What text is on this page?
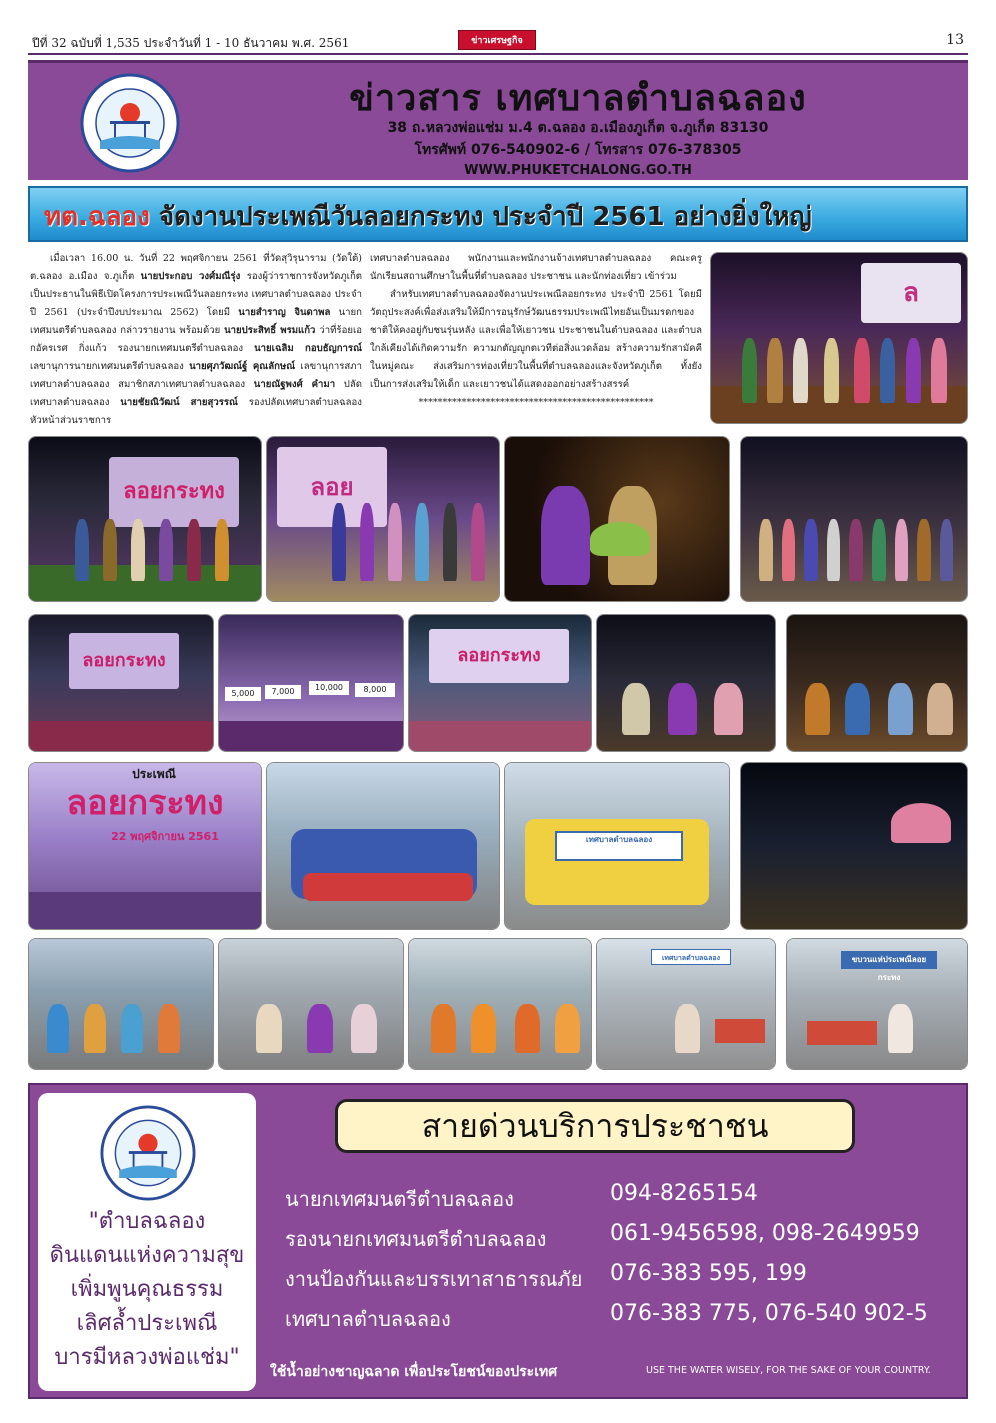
ปีที่ 32 ฉบับที่ 1,535 ประจำวันที่ 1 - 10 ธันวาคม พ.ศ. 2561	ข่าวเศรษฐกิจ	13
ข่าวสาร เทศบาลตำบลฉลอง
38 ถ.หลวงพ่อแช่ม ม.4 ต.ฉลอง อ.เมืองภูเก็ต จ.ภูเก็ต 83130
โทรศัพท์ 076-540902-6 / โทรสาร 076-378305
WWW.PHUKETCHALONG.GO.TH
ทต.ฉลอง จัดงานประเพณีวันลอยกระทง ประจำปี 2561 อย่างยิ่งใหญ่

เมื่อเวลา 16.00 น. วันที่ 22 พฤศจิกายน 2561 ที่วัดสุวิรุนาราม (วัดใต้) ต.ฉลอง อ.เมือง จ.ภูเก็ต นายประกอบ วงศ์มณีรุ่ง รองผู้ว่าราชการจังหวัดภูเก็ต เป็นประธานในพิธีเปิดโครงการประเพณีวันลอยกระทง เทศบาลตำบลฉลอง ประจำปี 2561 (ประจำปีงบประมาณ 2562) โดยมี นายสำราญ จินดาพล นายกเทศมนตรีตำบลฉลอง กล่าวรายงาน พร้อมด้วย นายประสิทธิ์ พรมแก้ว ว่าที่ร้อยเอกอัครเรศ กิ่งแก้ว รองนายกเทศมนตรีตำบลฉลอง นายเฉลิม กอบธัญการณ์ เลขานุการนายกเทศมนตรีตำบลฉลอง นายศุภวัฒณ์ฐ์ คุณลักษณ์ เลขานุการสภาเทศบาลตำบลฉลอง สมาชิกสภาเทศบาลตำบลฉลอง นายณัฐพงศ์ คำมา ปลัดเทศบาลตำบลฉลอง นายชัยณิวัฒน์ สายสุวรรณ์ รองปลัดเทศบาลตำบลฉลอง หัวหน้าส่วนราชการ

เทศบาลตำบลฉลอง พนักงานและพนักงานจ้างเทศบาลตำบลฉลอง คณะครู นักเรียนสถานศึกษาในพื้นที่ตำบลฉลอง ประชาชน และนักท่องเที่ยว เข้าร่วม

สำหรับเทศบาลตำบลฉลองจัดงานประเพณีลอยกระทง ประจำปี 2561 โดยมีวัตถุประสงค์เพื่อส่งเสริมให้มีการอนุรักษ์วัฒนธรรมประเพณีไทยอันเป็นมรดกของชาติให้คงอยู่กับชนรุ่นหลัง และเพื่อให้เยาวชน ประชาชนในตำบลฉลอง และตำบลใกล้เคียงได้เกิดความรัก ความกตัญญูกตเวทีต่อสิ่งแวดล้อม สร้างความรักสามัคคีในหมู่คณะ ส่งเสริมการท่องเที่ยวในพื้นที่ตำบลฉลองและจังหวัดภูเก็ต ทั้งยังเป็นการส่งเสริมให้เด็ก และเยาวชนได้แสดงออกอย่างสร้างสรรค์

*************************************************
ล
ลอยกระทง	ลอย
ลอยกระทง
5,000	7,000	10,000	8,000
ลอยกระทง
ประเพณี
ลอยกระทง
22 พฤศจิกายน 2561	เทศบาลตำบลฉลอง
เทศบาลตำบลฉลอง	ขบวนแห่ประเพณีลอยกระทง
"ตำบลฉลอง
ดินแดนแห่งความสุข
เพิ่มพูนคุณธรรม
เลิศล้ำประเพณี
บารมีหลวงพ่อแช่ม"
สายด่วนบริการประชาชน
นายกเทศมนตรีตำบลฉลอง	094-8265154
รองนายกเทศมนตรีตำบลฉลอง	061-9456598, 098-2649959
งานป้องกันและบรรเทาสาธารณภัย 076-383 595, 199
เทศบาลตำบลฉลอง	076-383 775, 076-540 902-5
ใช้น้ำอย่างชาญฉลาด เพื่อประโยชน์ของประเทศ	USE THE WATER WISELY, FOR THE SAKE OF YOUR COUNTRY.
